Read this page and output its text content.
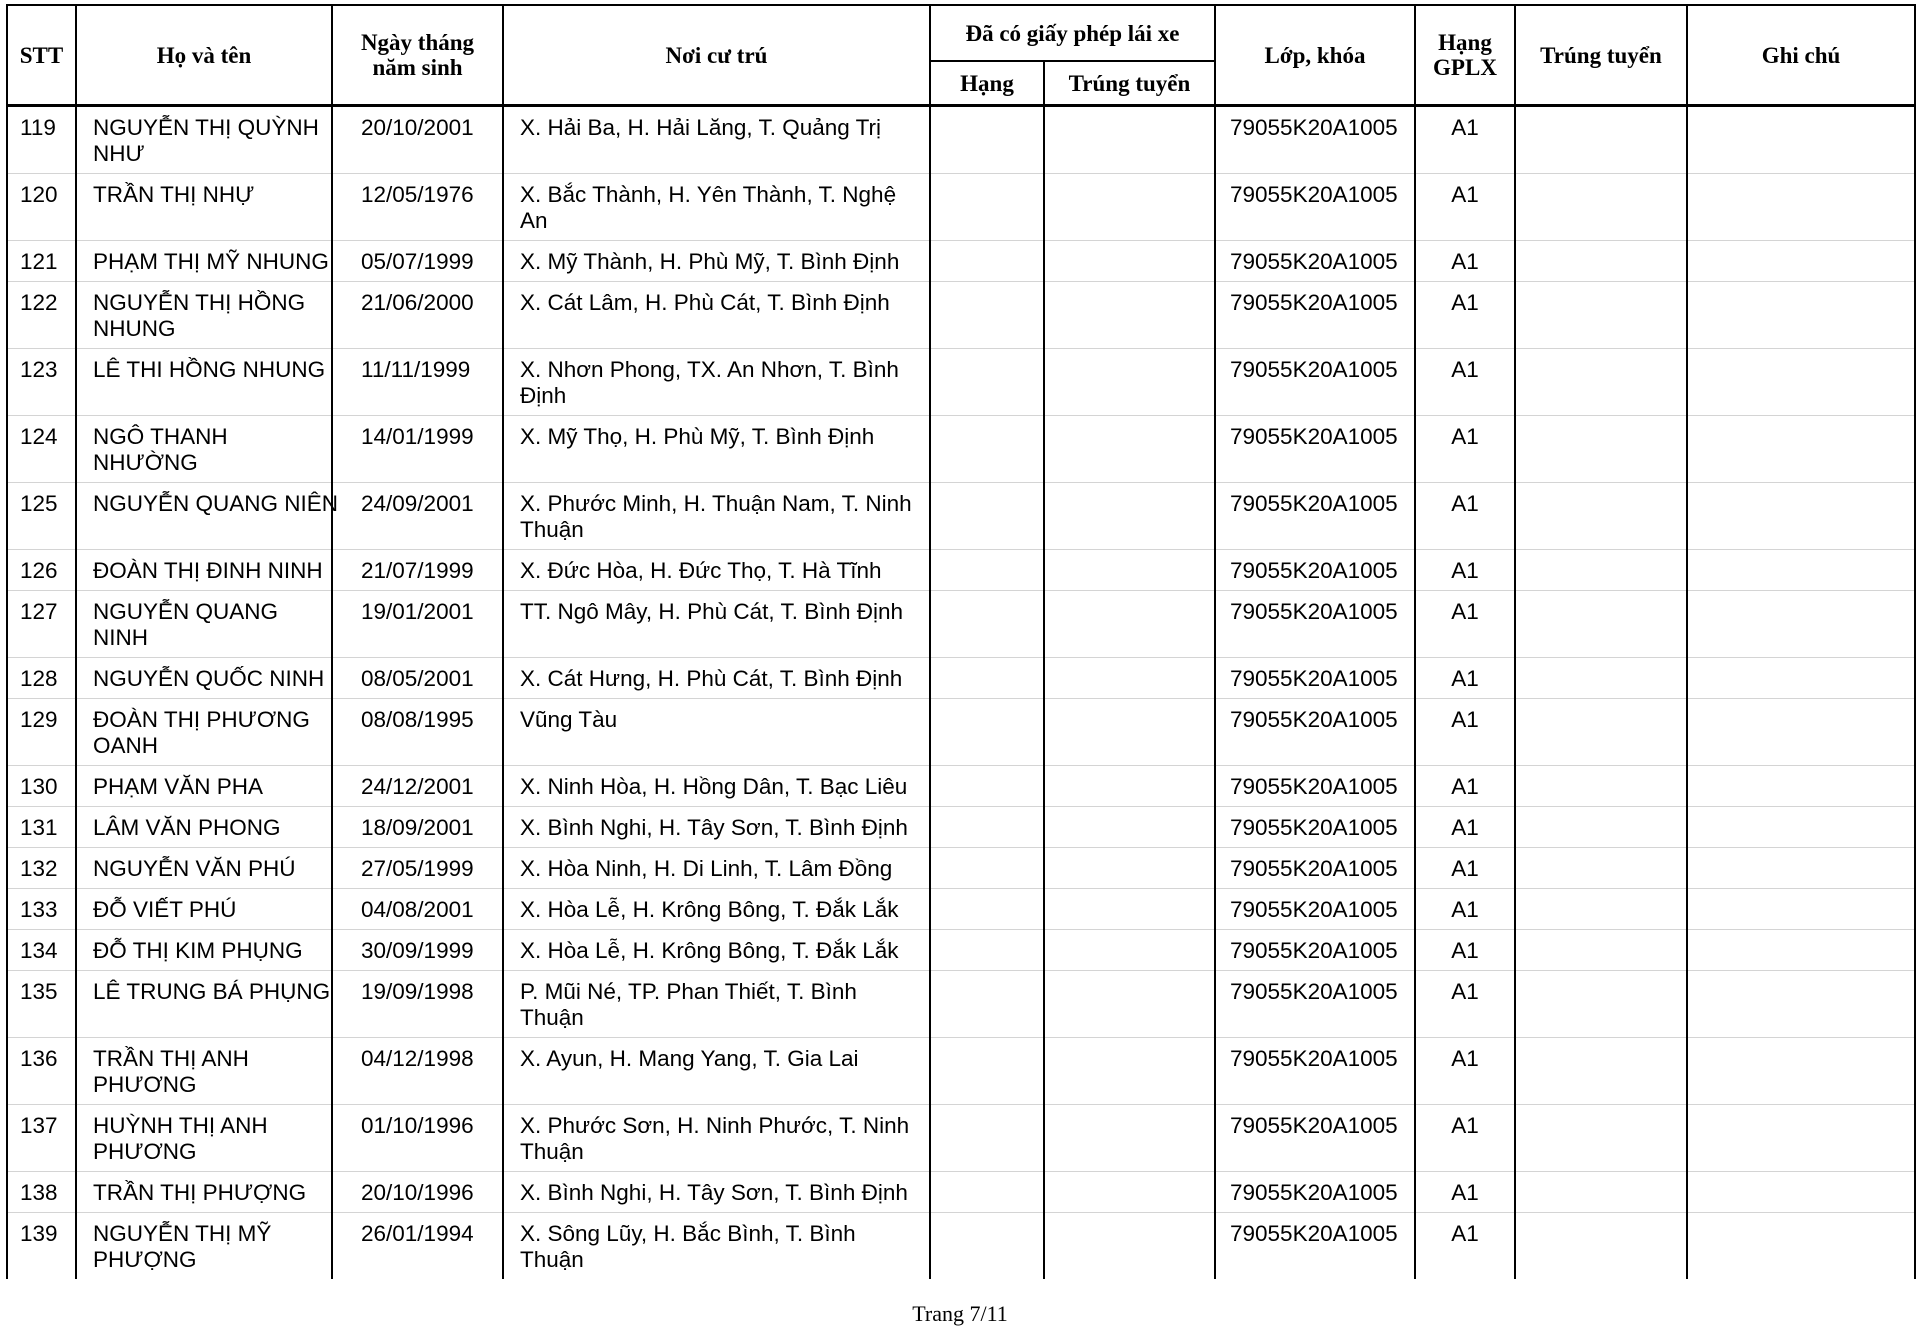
STT	Họ và tên	Ngày tháng năm sinh	Nơi cư trú	Đã có giấy phép lái xe		Lớp, khóa	Hạng GPLX	Trúng tuyển	Ghi chú
				Hạng	Trúng tuyển				
119	NGUYỄN THỊ QUỲNH NHƯ	20/10/2001	X. Hải Ba, H. Hải Lăng, T. Quảng Trị			79055K20A1005	A1		
120	TRẦN THỊ NHỰ	12/05/1976	X. Bắc Thành, H. Yên Thành, T. Nghệ An			79055K20A1005	A1		
121	PHẠM THỊ MỸ NHUNG	05/07/1999	X. Mỹ Thành, H. Phù Mỹ, T. Bình Định			79055K20A1005	A1		
122	NGUYỄN THỊ HỒNG NHUNG	21/06/2000	X. Cát Lâm, H. Phù Cát, T. Bình Định			79055K20A1005	A1		
123	LÊ THI HỒNG NHUNG	11/11/1999	X. Nhơn Phong, TX. An Nhơn, T. Bình Định			79055K20A1005	A1		
124	NGÔ THANH NHƯỜNG	14/01/1999	X. Mỹ Thọ, H. Phù Mỹ, T. Bình Định			79055K20A1005	A1		
125	NGUYỄN QUANG NIÊN	24/09/2001	X. Phước Minh, H. Thuận Nam, T. Ninh Thuận			79055K20A1005	A1		
126	ĐOÀN THỊ ĐINH NINH	21/07/1999	X. Đức Hòa, H. Đức Thọ, T. Hà Tĩnh			79055K20A1005	A1		
127	NGUYỄN QUANG NINH	19/01/2001	TT. Ngô Mây, H. Phù Cát, T. Bình Định			79055K20A1005	A1		
128	NGUYỄN QUỐC NINH	08/05/2001	X. Cát Hưng, H. Phù Cát, T. Bình Định			79055K20A1005	A1		
129	ĐOÀN THỊ PHƯƠNG OANH	08/08/1995	Vũng Tàu			79055K20A1005	A1		
130	PHẠM VĂN PHA	24/12/2001	X. Ninh Hòa, H. Hồng Dân, T. Bạc Liêu			79055K20A1005	A1		
131	LÂM VĂN PHONG	18/09/2001	X. Bình Nghi, H. Tây Sơn, T. Bình Định			79055K20A1005	A1		
132	NGUYỄN VĂN PHÚ	27/05/1999	X. Hòa Ninh, H. Di Linh, T. Lâm Đồng			79055K20A1005	A1		
133	ĐỖ VIẾT PHÚ	04/08/2001	X. Hòa Lễ, H. Krông Bông, T. Đắk Lắk			79055K20A1005	A1		
134	ĐỖ THỊ KIM PHỤNG	30/09/1999	X. Hòa Lễ, H. Krông Bông, T. Đắk Lắk			79055K20A1005	A1		
135	LÊ TRUNG BÁ PHỤNG	19/09/1998	P. Mũi Né, TP. Phan Thiết, T. Bình Thuận			79055K20A1005	A1		
136	TRẦN THỊ ANH PHƯƠNG	04/12/1998	X. Ayun, H. Mang Yang, T. Gia Lai			79055K20A1005	A1		
137	HUỲNH THỊ ANH PHƯƠNG	01/10/1996	X. Phước Sơn, H. Ninh Phước, T. Ninh Thuận			79055K20A1005	A1		
138	TRẦN THỊ PHƯỢNG	20/10/1996	X. Bình Nghi, H. Tây Sơn, T. Bình Định			79055K20A1005	A1		
139	NGUYỄN THỊ MỸ PHƯỢNG	26/01/1994	X. Sông Lũy, H. Bắc Bình, T. Bình Thuận			79055K20A1005	A1		
Trang 7/11
